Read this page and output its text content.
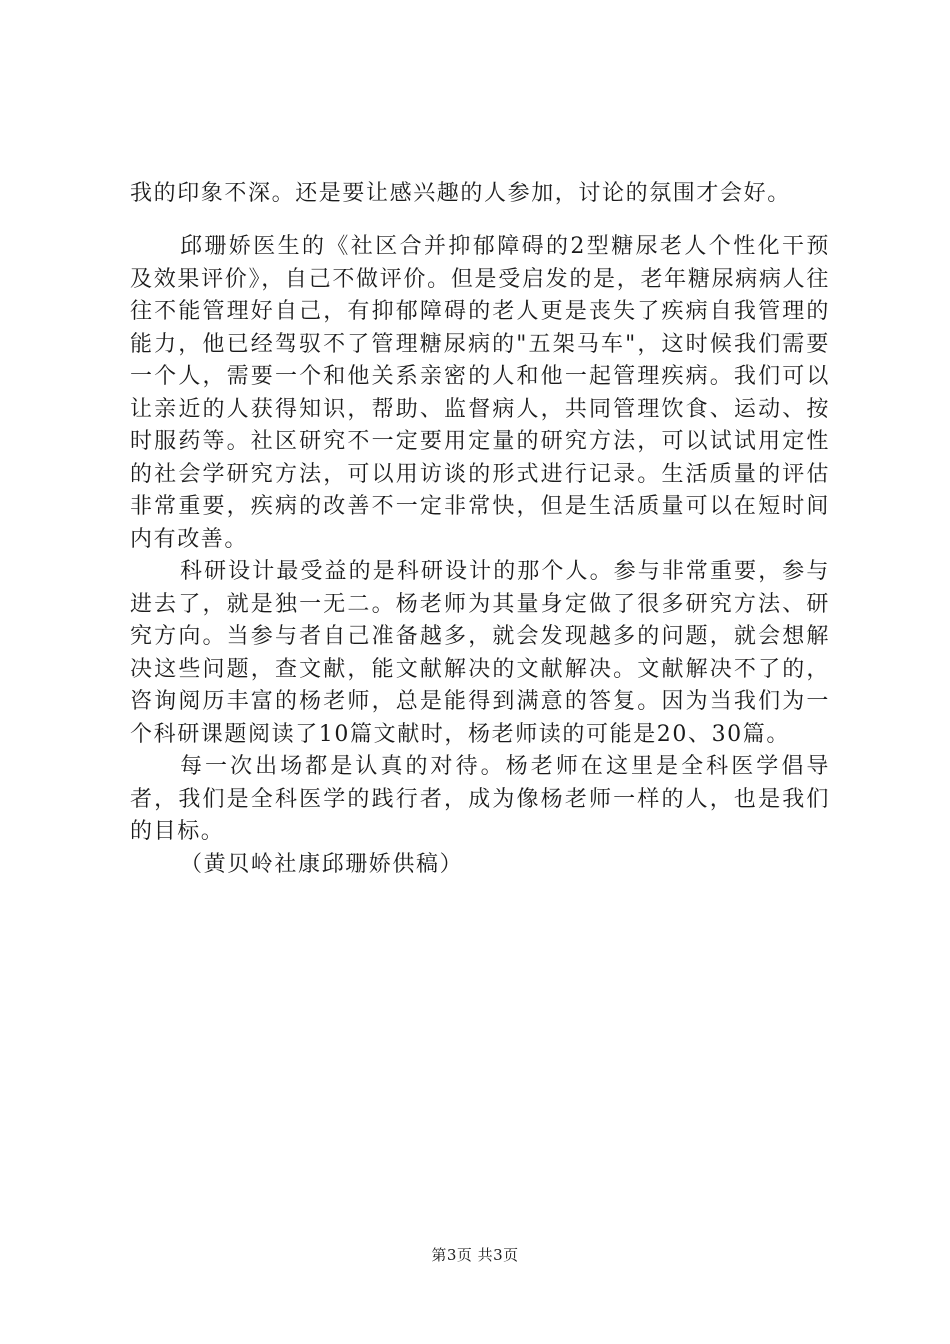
我的印象不深。还是要让感兴趣的人参加，讨论的氛围才会好。

邱珊娇医生的《社区合并抑郁障碍的2型糖尿老人个性化干预及效果评价》，自己不做评价。但是受启发的是，老年糖尿病病人往往不能管理好自己，有抑郁障碍的老人更是丧失了疾病自我管理的能力，他已经驾驭不了管理糖尿病的"五架马车"，这时候我们需要一个人，需要一个和他关系亲密的人和他一起管理疾病。我们可以让亲近的人获得知识，帮助、监督病人，共同管理饮食、运动、按时服药等。社区研究不一定要用定量的研究方法，可以试试用定性的社会学研究方法，可以用访谈的形式进行记录。生活质量的评估非常重要，疾病的改善不一定非常快，但是生活质量可以在短时间内有改善。

科研设计最受益的是科研设计的那个人。参与非常重要，参与进去了，就是独一无二。杨老师为其量身定做了很多研究方法、研究方向。当参与者自己准备越多，就会发现越多的问题，就会想解决这些问题，查文献，能文献解决的文献解决。文献解决不了的，咨询阅历丰富的杨老师，总是能得到满意的答复。因为当我们为一个科研课题阅读了10篇文献时，杨老师读的可能是20、30篇。

每一次出场都是认真的对待。杨老师在这里是全科医学倡导者，我们是全科医学的践行者，成为像杨老师一样的人，也是我们的目标。

（黄贝岭社康邱珊娇供稿）

第3页 共3页
